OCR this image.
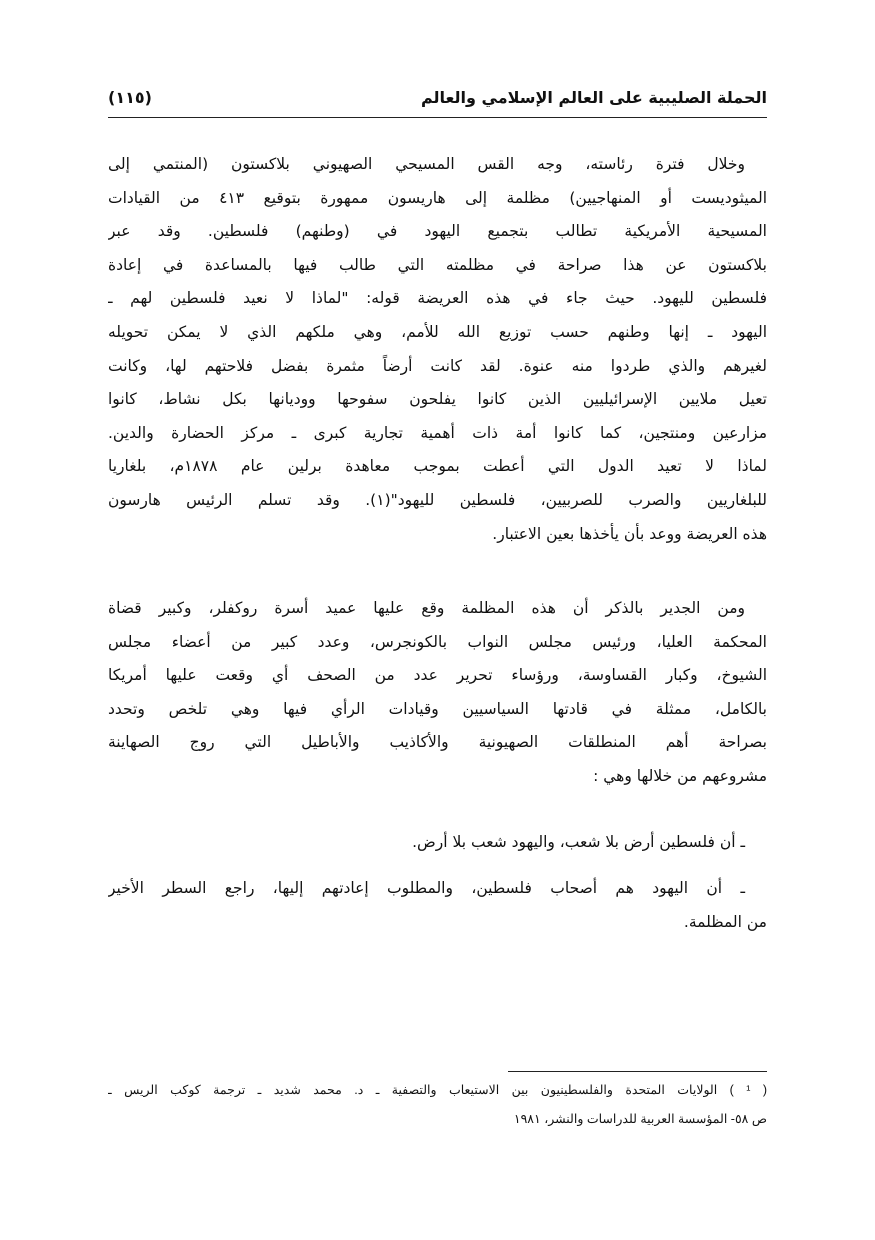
الحملة الصليبية على العالم الإسلامي والعالم
(١١٥)
وخلال فترة رئاسته، وجه القس المسيحي الصهيوني بلاكستون (المنتمي إلى
الميثوديست أو المنهاجيين) مظلمة إلى هاريسون ممهورة بتوقيع ٤١٣ من القيادات
المسيحية الأمريكية تطالب بتجميع اليهود في (وطنهم) فلسطين. وقد عبر
بلاكستون عن هذا صراحة في مظلمته التي طالب فيها بالمساعدة في إعادة
فلسطين لليهود. حيث جاء في هذه العريضة قوله: "لماذا لا نعيد فلسطين لهم ـ
اليهود ـ إنها وطنهم حسب توزيع الله للأمم، وهي ملكهم الذي لا يمكن تحويله
لغيرهم والذي طردوا منه عنوة. لقد كانت أرضاً مثمرة بفضل فلاحتهم لها، وكانت
تعيل ملايين الإسرائيليين الذين كانوا يفلحون سفوحها ووديانها بكل نشاط، كانوا
مزارعين ومنتجين، كما كانوا أمة ذات أهمية تجارية كبرى ـ مركز الحضارة والدين.
لماذا لا تعيد الدول التي أعطت بموجب معاهدة برلين عام ١٨٧٨م، بلغاريا
للبلغاريين والصرب للصربيين، فلسطين لليهود"(١). وقد تسلم الرئيس هارسون
هذه العريضة ووعد بأن يأخذها بعين الاعتبار.
ومن الجدير بالذكر أن هذه المظلمة وقع عليها عميد أسرة روكفلر، وكبير قضاة
المحكمة العليا، ورئيس مجلس النواب بالكونجرس، وعدد كبير من أعضاء مجلس
الشيوخ، وكبار القساوسة، ورؤساء تحرير عدد من الصحف أي وقعت عليها أمريكا
بالكامل، ممثلة في قادتها السياسيين وقيادات الرأي فيها وهي تلخص وتحدد
بصراحة أهم المنطلقات الصهيونية والأكاذيب والأباطيل التي روج الصهاينة
مشروعهم من خلالها وهي :
ـ أن فلسطين أرض بلا شعب، واليهود شعب بلا أرض.
ـ أن اليهود هم أصحاب فلسطين، والمطلوب إعادتهم إليها، راجع السطر الأخير
من المظلمة.
( ¹ ) الولايات المتحدة والفلسطينيون بين الاستيعاب والتصفية ـ د. محمد شديد ـ ترجمة كوكب الريس ـ
ص ٥٨- المؤسسة العربية للدراسات والنشر، ١٩٨١
